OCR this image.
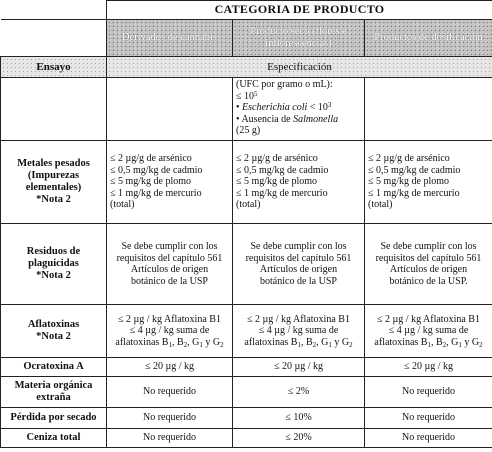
	CATEGORIA DE PRODUCTO		
	Derivados de cannabis	Producto seco (flores e inflorescencias)	Productos de dosificación
Ensayo	Especificación		

		(UFC por gramo o mL):
≤ $10^5$
• Escherichia coli < $10^3$
• Ausencia de Salmonella
(25 g)	

Metales pesados
(Impurezas
elementales)
*Nota 2	≤ 2 µg/g de arsénico
≤ 0,5 mg/kg de cadmio
≤ 5 mg/kg de plomo
≤ 1 mg/kg de mercurio
(total)	≤ 2 µg/g de arsénico
≤ 0,5 mg/kg de cadmio
≤ 5 mg/kg de plomo
≤ 1 mg/kg de mercurio
(total)	≤ 2 µg/g de arsénico
≤ 0,5 mg/kg de cadmio
≤ 5 mg/kg de plomo
≤ 1 mg/kg de mercurio
(total)

Residuos de
plaguicidas
*Nota 2	Se debe cumplir con los
requisitos del capítulo 561
Artículos de origen
botánico de la USP	Se debe cumplir con los
requisitos del capítulo 561
Artículos de origen
botánico de la USP	Se debe cumplir con los
requisitos del capítulo 561
Artículos de origen
botánico de la USP.

Aflatoxinas
*Nota 2	≤ 2 µg / kg Aflatoxina B1
≤ 4 µg / kg suma de
aflatoxinas $B_1$, $B_2$, $G_1$ y $G_2$	≤ 2 µg / kg Aflatoxina B1
≤ 4 µg / kg suma de
aflatoxinas $B_1$, $B_2$, $G_1$ y $G_2$	≤ 2 µg / kg Aflatoxina B1
≤ 4 µg / kg suma de
aflatoxinas $B_1$, $B_2$, $G_1$ y $G_2$

Ocratoxina A	≤ 20 µg / kg	≤ 20 µg / kg	≤ 20 µg / kg

Materia orgánica
extraña	No requerido	≤ 2%	No requerido
Pérdida por secado	No requerido	≤ 10%	No requerido
Ceniza total	No requerido	≤ 20%	No requerido
